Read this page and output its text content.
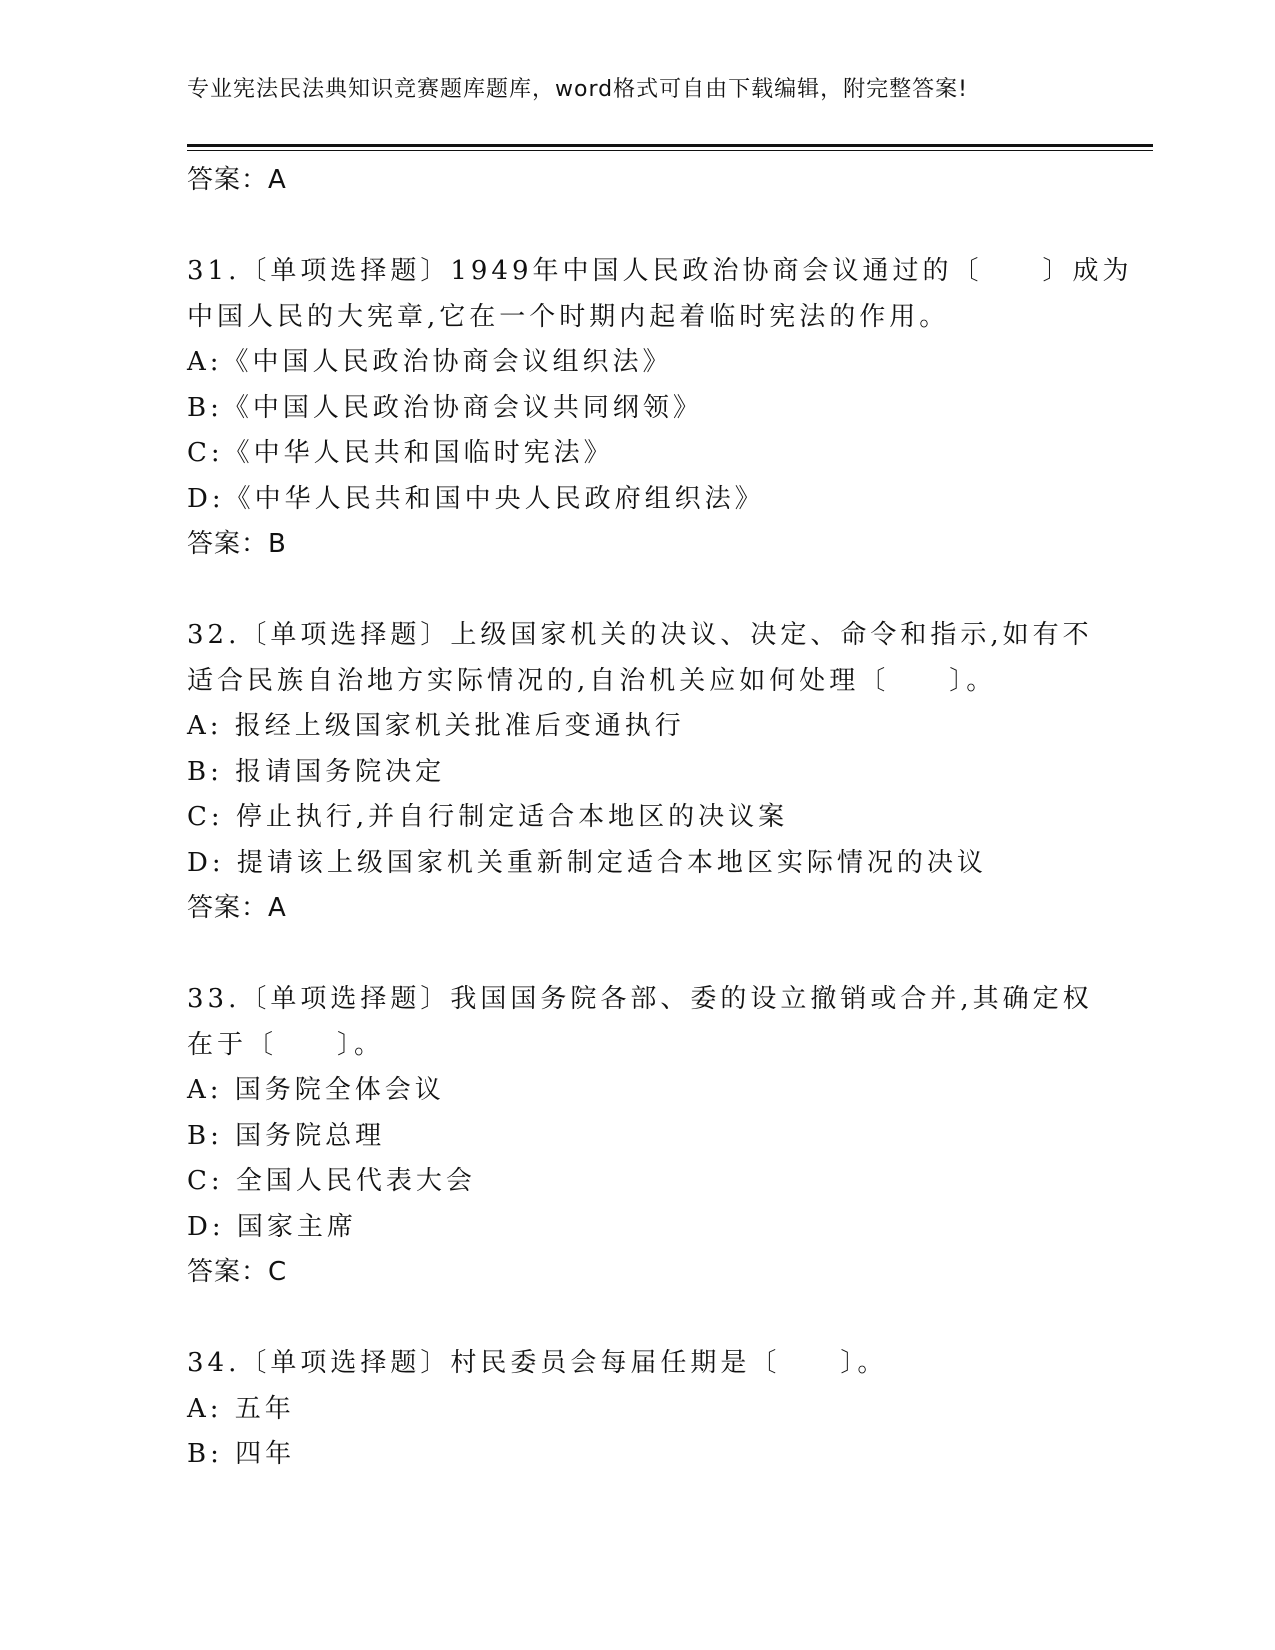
专业宪法民法典知识竞赛题库题库，word格式可自由下载编辑，附完整答案!
答案：A
31.〔单项选择题〕1949年中国人民政治协商会议通过的〔　　〕成为
中国人民的大宪章,它在一个时期内起着临时宪法的作用。
A:《中国人民政治协商会议组织法》
B:《中国人民政治协商会议共同纲领》
C:《中华人民共和国临时宪法》
D:《中华人民共和国中央人民政府组织法》
答案：B
32.〔单项选择题〕上级国家机关的决议、决定、命令和指示,如有不
适合民族自治地方实际情况的,自治机关应如何处理〔　　〕。
A: 报经上级国家机关批准后变通执行
B: 报请国务院决定
C: 停止执行,并自行制定适合本地区的决议案
D: 提请该上级国家机关重新制定适合本地区实际情况的决议
答案：A
33.〔单项选择题〕我国国务院各部、委的设立撤销或合并,其确定权
在于〔　　〕。
A: 国务院全体会议
B: 国务院总理
C: 全国人民代表大会
D: 国家主席
答案：C
34.〔单项选择题〕村民委员会每届任期是〔　　〕。
A: 五年
B: 四年
